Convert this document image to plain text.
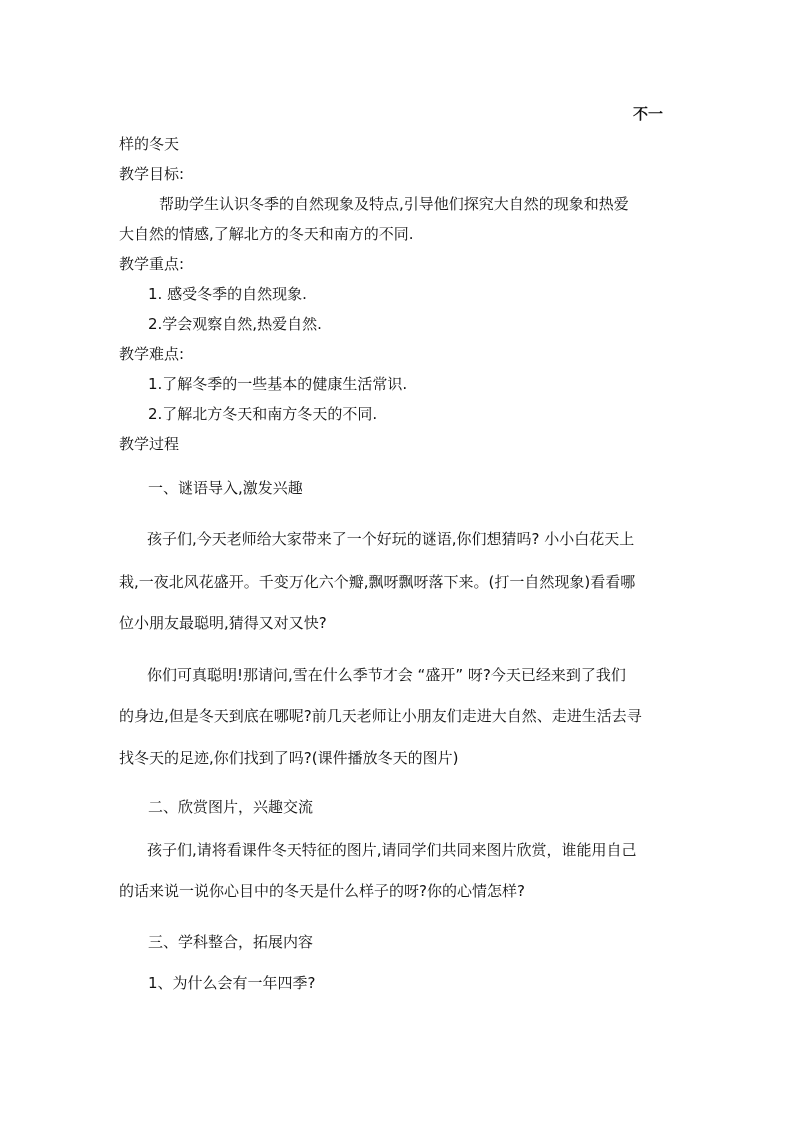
不一
样的冬天
教学目标:
帮助学生认识冬季的自然现象及特点,引导他们探究大自然的现象和热爱
大自然的情感,了解北方的冬天和南方的不同.
教学重点:
1. 感受冬季的自然现象.
2.学会观察自然,热爱自然.
教学难点:
1.了解冬季的一些基本的健康生活常识.
2.了解北方冬天和南方冬天的不同.
教学过程
一、谜语导入,激发兴趣
孩子们,今天老师给大家带来了一个好玩的谜语,你们想猜吗? 小小白花天上
栽,一夜北风花盛开。千变万化六个瓣,飘呀飘呀落下来。(打一自然现象)看看哪
位小朋友最聪明,猜得又对又快?
你们可真聪明!那请问,雪在什么季节才会 “盛开” 呀?今天已经来到了我们
的身边,但是冬天到底在哪呢?前几天老师让小朋友们走进大自然、走进生活去寻
找冬天的足迹,你们找到了吗?(课件播放冬天的图片)
二、欣赏图片，兴趣交流
孩子们,请将看课件冬天特征的图片,请同学们共同来图片欣赏，谁能用自己
的话来说一说你心目中的冬天是什么样子的呀?你的心情怎样?
三、学科整合，拓展内容
1、为什么会有一年四季?
